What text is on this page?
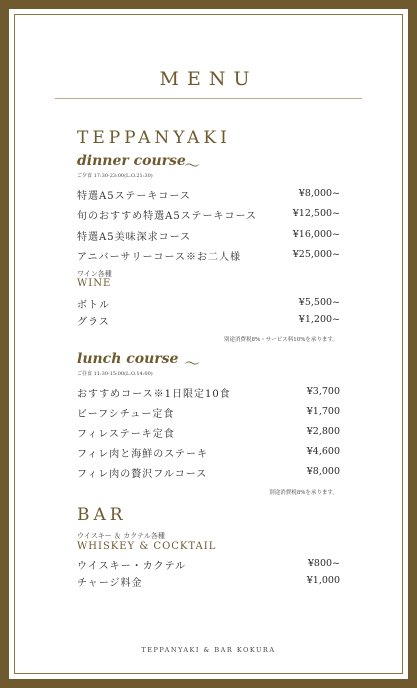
MENU
TEPPANYAKI
dinner course
～
ご夕食 17:30-23:00(L.O.21:30)
特選A5ステーキコース	¥8,000~
旬のおすすめ特選A5ステーキコース	¥12,500~
特選A5美味深求コース	¥16,000~
アニバーサリーコース※お二人様	¥25,000~
ワイン各種
WINE
ボトル	¥5,500~
グラス	¥1,200~
別途消費税8%・サービス料10%を承ります。
lunch course ～
ご昼食 11:30-15:00(L.O.14:00)
おすすめコース※1日限定10食	¥3,700
ビーフシチュー定食	¥1,700
フィレステーキ定食	¥2,800
フィレ肉と海鮮のステーキ	¥4,600
フィレ肉の贅沢フルコース	¥8,000
別途消費税8%を承ります。
BAR
ウイスキー ＆ カクテル各種
WHISKEY & COCKTAIL
ウイスキー・カクテル	¥800~
チャージ料金	¥1,000
TEPPANYAKI & BAR KOKURA
